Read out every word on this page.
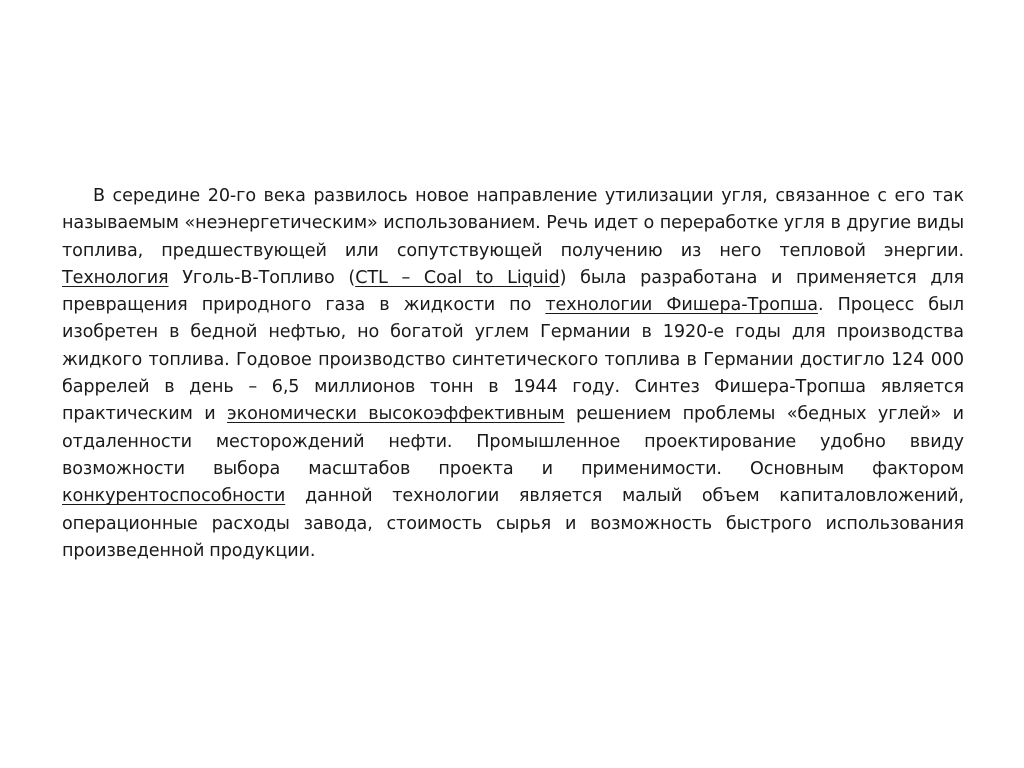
В середине 20-го века развилось новое направление утилизации угля, связанное с его так называемым «неэнергетическим» использованием. Речь идет о переработке угля в другие виды топлива, предшествующей или сопутствующей получению из него тепловой энергии. Технология Уголь-В-Топливо (CTL – Coal to Liquid) была разработана и применяется для превращения природного газа в жидкости по технологии Фишера-Тропша. Процесс был изобретен в бедной нефтью, но богатой углем Германии в 1920-е годы для производства жидкого топлива. Годовое производство синтетического топлива в Германии достигло 124 000 баррелей в день – 6,5 миллионов тонн в 1944 году. Синтез Фишера-Тропша является практическим и экономически высокоэффективным решением проблемы «бедных углей» и отдаленности месторождений нефти. Промышленное проектирование удобно ввиду возможности выбора масштабов проекта и применимости. Основным фактором конкурентоспособности данной технологии является малый объем капиталовложений, операционные расходы завода, стоимость сырья и возможность быстрого использования произведенной продукции.
